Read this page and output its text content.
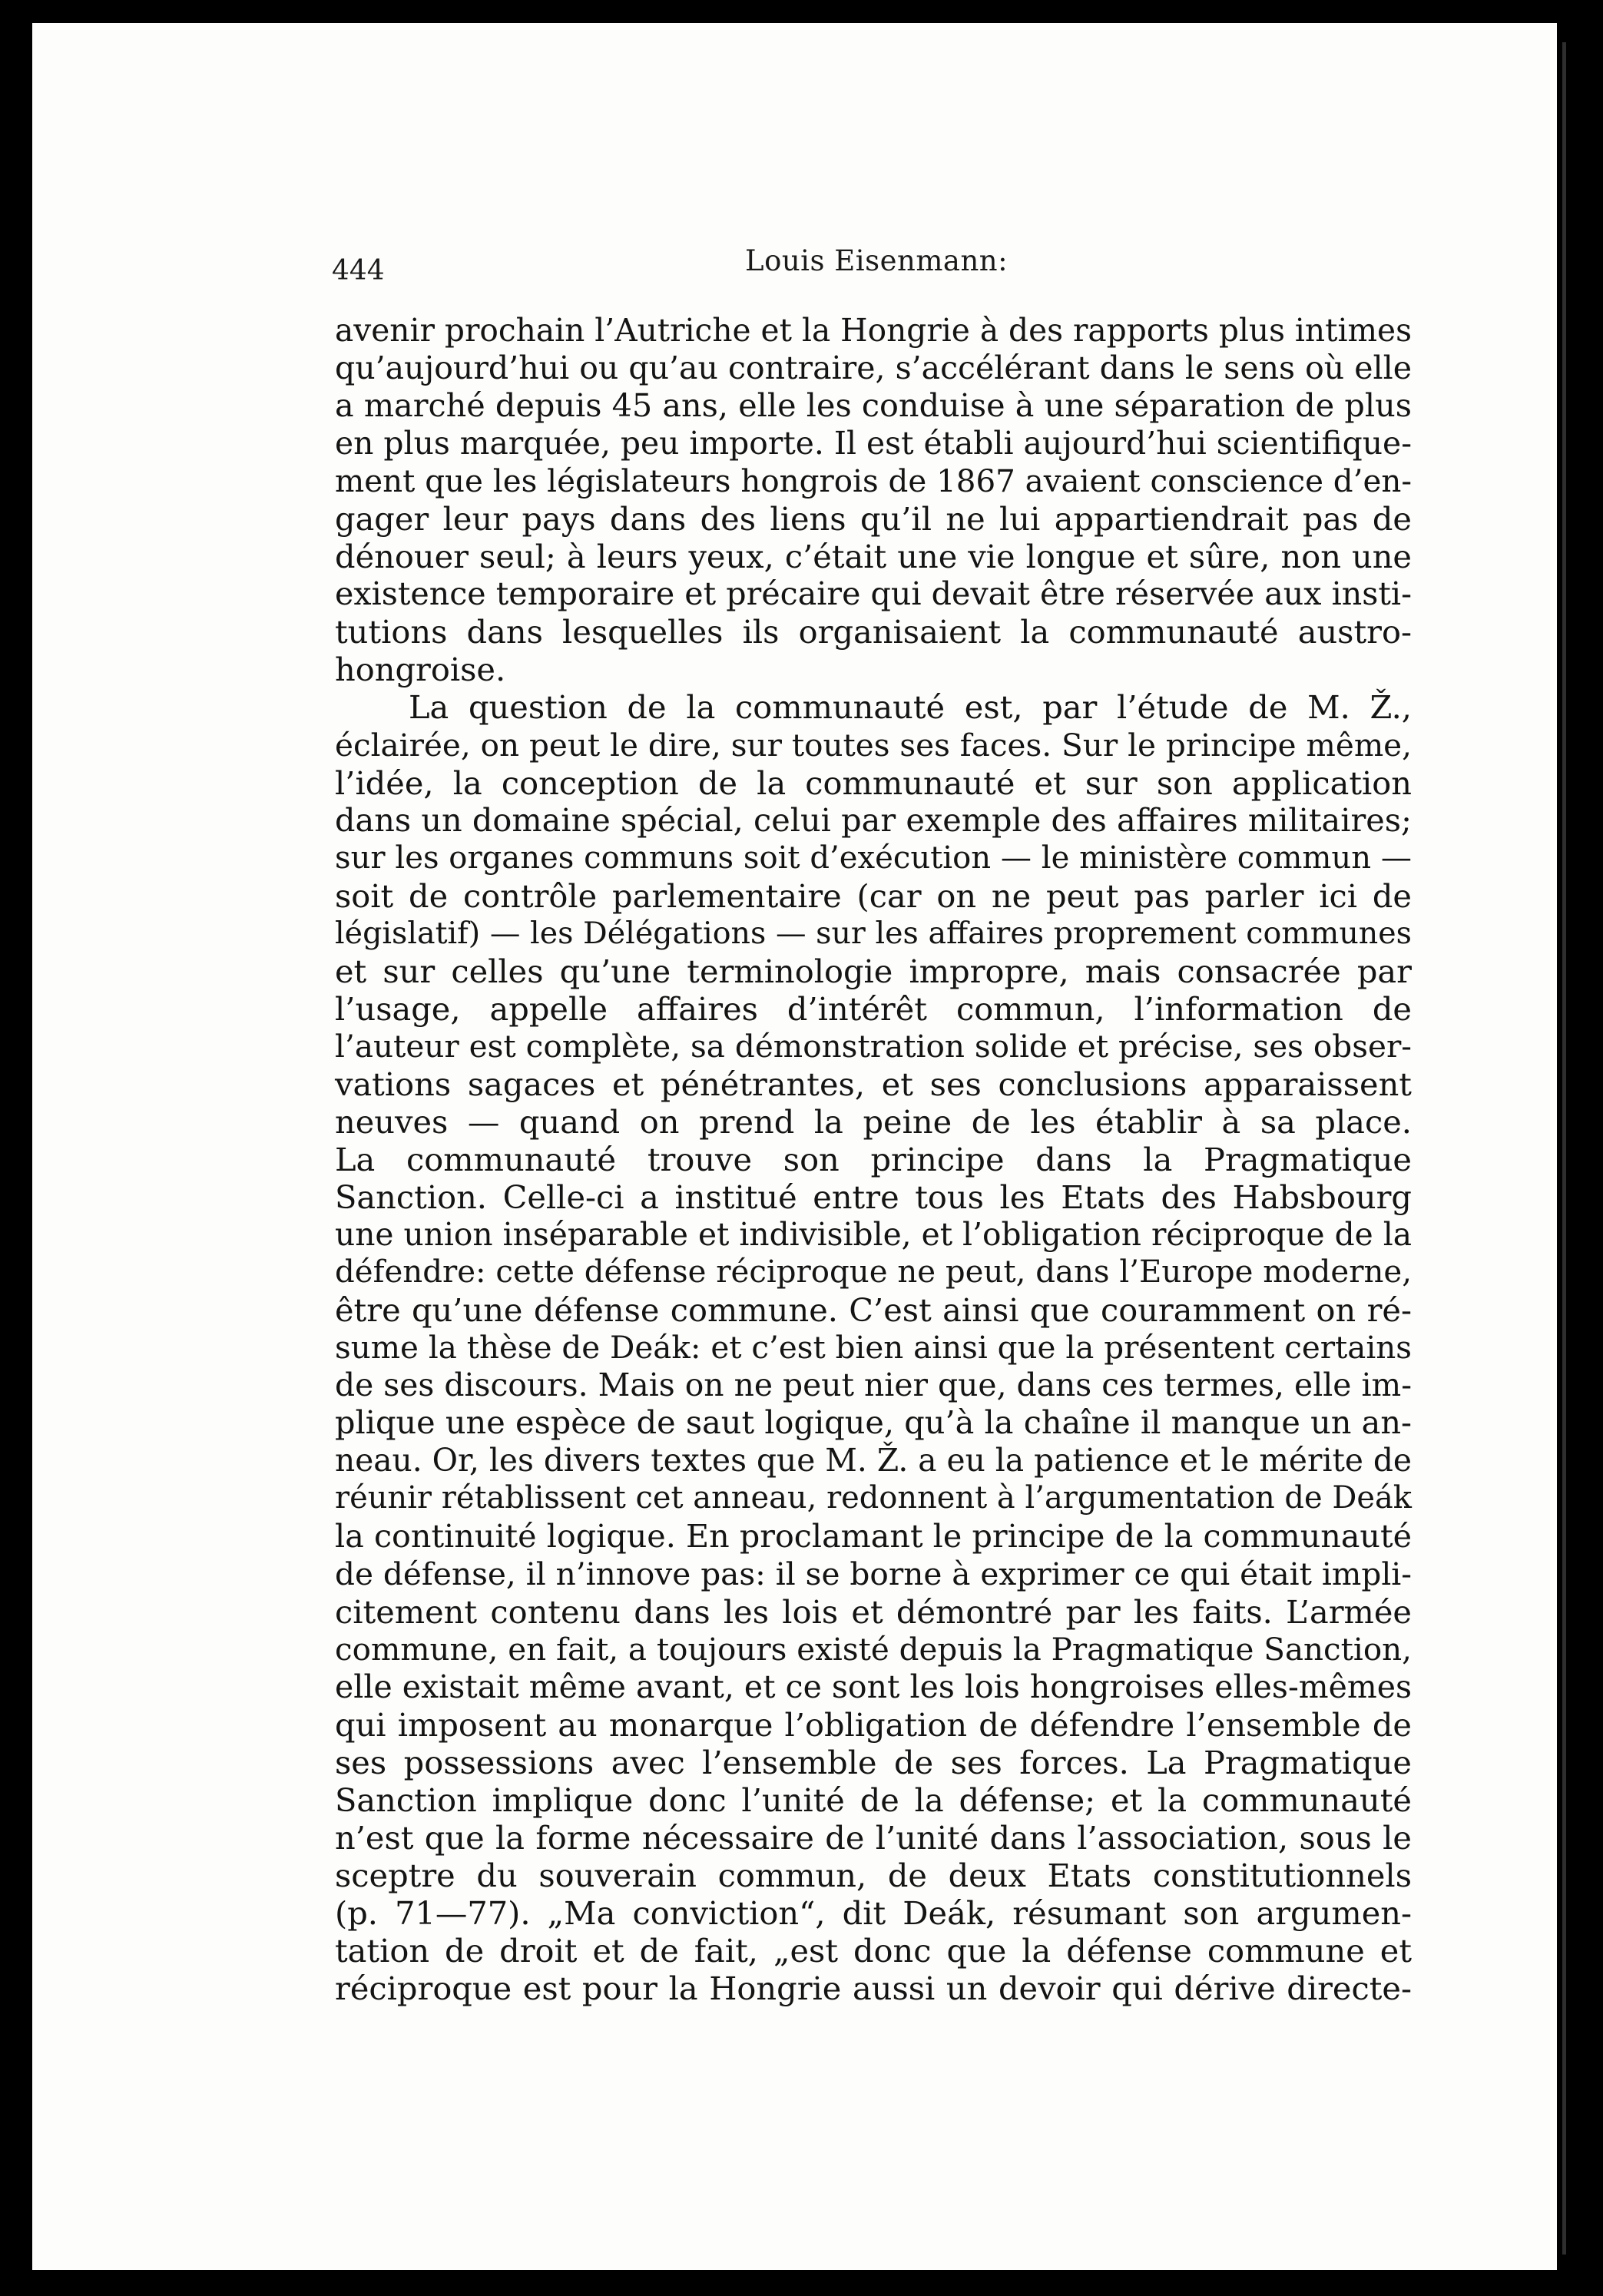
444	Louis Eisenmann:
avenir prochain l’Autriche et la Hongrie à des rapports plus intimes
qu’aujourd’hui ou qu’au contraire, s’accélérant dans le sens où elle
a marché depuis 45 ans, elle les conduise à une séparation de plus
en plus marquée, peu importe. Il est établi aujourd’hui scientifique-
ment que les législateurs hongrois de 1867 avaient conscience d’en-
gager leur pays dans des liens qu’il ne lui appartiendrait pas de
dénouer seul; à leurs yeux, c’était une vie longue et sûre, non une
existence temporaire et précaire qui devait être réservée aux insti-
tutions dans lesquelles ils organisaient la communauté austro-
hongroise.
La question de la communauté est, par l’étude de M. Ž.,
éclairée, on peut le dire, sur toutes ses faces. Sur le principe même,
l’idée, la conception de la communauté et sur son application
dans un domaine spécial, celui par exemple des affaires militaires;
sur les organes communs soit d’exécution — le ministère commun —
soit de contrôle parlementaire (car on ne peut pas parler ici de
législatif) — les Délégations — sur les affaires proprement communes
et sur celles qu’une terminologie impropre, mais consacrée par
l’usage, appelle affaires d’intérêt commun, l’information de
l’auteur est complète, sa démonstration solide et précise, ses obser-
vations sagaces et pénétrantes, et ses conclusions apparaissent
neuves — quand on prend la peine de les établir à sa place.
La communauté trouve son principe dans la Pragmatique
Sanction. Celle-ci a institué entre tous les Etats des Habsbourg
une union inséparable et indivisible, et l’obligation réciproque de la
défendre: cette défense réciproque ne peut, dans l’Europe moderne,
être qu’une défense commune. C’est ainsi que couramment on ré-
sume la thèse de Deák: et c’est bien ainsi que la présentent certains
de ses discours. Mais on ne peut nier que, dans ces termes, elle im-
plique une espèce de saut logique, qu’à la chaîne il manque un an-
neau. Or, les divers textes que M. Ž. a eu la patience et le mérite de
réunir rétablissent cet anneau, redonnent à l’argumentation de Deák
la continuité logique. En proclamant le principe de la communauté
de défense, il n’innove pas: il se borne à exprimer ce qui était impli-
citement contenu dans les lois et démontré par les faits. L’armée
commune, en fait, a toujours existé depuis la Pragmatique Sanction,
elle existait même avant, et ce sont les lois hongroises elles-mêmes
qui imposent au monarque l’obligation de défendre l’ensemble de
ses possessions avec l’ensemble de ses forces. La Pragmatique
Sanction implique donc l’unité de la défense; et la communauté
n’est que la forme nécessaire de l’unité dans l’association, sous le
sceptre du souverain commun, de deux Etats constitutionnels
(p. 71—77). „Ma conviction“, dit Deák, résumant son argumen-
tation de droit et de fait, „est donc que la défense commune et
réciproque est pour la Hongrie aussi un devoir qui dérive directe-
